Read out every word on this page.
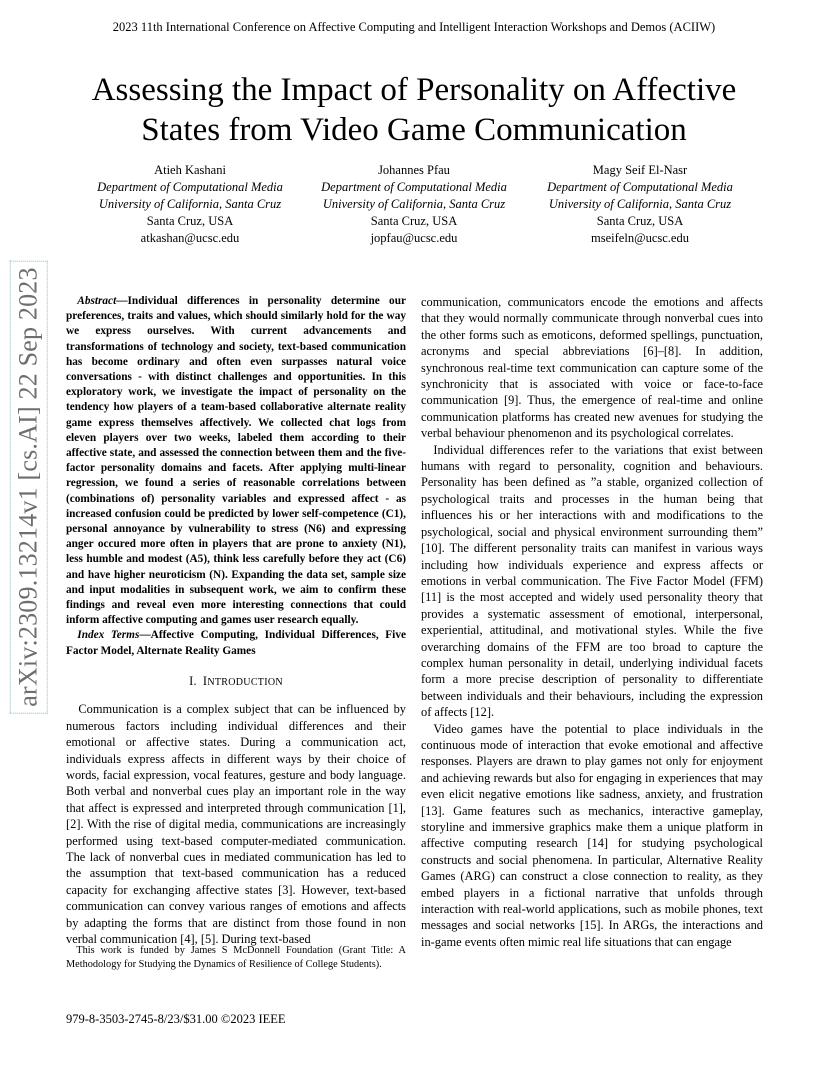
2023 11th International Conference on Affective Computing and Intelligent Interaction Workshops and Demos (ACIIW)
Assessing the Impact of Personality on Affective
States from Video Game Communication
Atieh Kashani
Department of Computational Media
University of California, Santa Cruz
Santa Cruz, USA
atkashan@ucsc.edu
Johannes Pfau
Department of Computational Media
University of California, Santa Cruz
Santa Cruz, USA
jopfau@ucsc.edu
Magy Seif El-Nasr
Department of Computational Media
University of California, Santa Cruz
Santa Cruz, USA
mseifeln@ucsc.edu
arXiv:2309.13214v1 [cs.AI] 22 Sep 2023	Abstract—Individual differences in personality determine our preferences, traits and values, which should similarly hold for the way we express ourselves. With current advancements and transformations of technology and society, text-based communication has become ordinary and often even surpasses natural voice conversations - with distinct challenges and opportunities. In this exploratory work, we investigate the impact of personality on the tendency how players of a team-based collaborative alternate reality game express themselves affectively. We collected chat logs from eleven players over two weeks, labeled them according to their affective state, and assessed the connection between them and the five-factor personality domains and facets. After applying multi-linear regression, we found a series of reasonable correlations between (combinations of) personality variables and expressed affect - as increased confusion could be predicted by lower self-competence (C1), personal annoyance by vulnerability to stress (N6) and expressing anger occured more often in players that are prone to anxiety (N1), less humble and modest (A5), think less carefully before they act (C6) and have higher neuroticism (N). Expanding the data set, sample size and input modalities in subsequent work, we aim to confirm these findings and reveal even more interesting connections that could inform affective computing and games user research equally.

Index Terms—Affective Computing, Individual Differences, Five Factor Model, Alternate Reality Games

I. INTRODUCTION

Communication is a complex subject that can be influenced by numerous factors including individual differences and their emotional or affective states. During a communication act, individuals express affects in different ways by their choice of words, facial expression, vocal features, gesture and body language. Both verbal and nonverbal cues play an important role in the way that affect is expressed and interpreted through communication [1], [2]. With the rise of digital media, communications are increasingly performed using text-based computer-mediated communication. The lack of nonverbal cues in mediated communication has led to the assumption that text-based communication has a reduced capacity for exchanging affective states [3]. However, text-based communication can convey various ranges of emotions and affects by adapting the forms that are distinct from those found in non verbal communication [4], [5]. During text-based

This work is funded by James S McDonnell Foundation (Grant Title: A Methodology for Studying the Dynamics of Resilience of College Students).

979-8-3503-2745-8/23/$31.00 ©2023 IEEE

communication, communicators encode the emotions and affects that they would normally communicate through nonverbal cues into the other forms such as emoticons, deformed spellings, punctuation, acronyms and special abbreviations [6]–[8]. In addition, synchronous real-time text communication can capture some of the synchronicity that is associated with voice or face-to-face communication [9]. Thus, the emergence of real-time and online communication platforms has created new avenues for studying the verbal behaviour phenomenon and its psychological correlates.

Individual differences refer to the variations that exist between humans with regard to personality, cognition and behaviours. Personality has been defined as ”a stable, organized collection of psychological traits and processes in the human being that influences his or her interactions with and modifications to the psychological, social and physical environment surrounding them” [10]. The different personality traits can manifest in various ways including how individuals experience and express affects or emotions in verbal communication. The Five Factor Model (FFM) [11] is the most accepted and widely used personality theory that provides a systematic assessment of emotional, interpersonal, experiential, attitudinal, and motivational styles. While the five overarching domains of the FFM are too broad to capture the complex human personality in detail, underlying individual facets form a more precise description of personality to differentiate between individuals and their behaviours, including the expression of affects [12].

Video games have the potential to place individuals in the continuous mode of interaction that evoke emotional and affective responses. Players are drawn to play games not only for enjoyment and achieving rewards but also for engaging in experiences that may even elicit negative emotions like sadness, anxiety, and frustration [13]. Game features such as mechanics, interactive gameplay, storyline and immersive graphics make them a unique platform in affective computing research [14] for studying psychological constructs and social phenomena. In particular, Alternative Reality Games (ARG) can construct a close connection to reality, as they embed players in a fictional narrative that unfolds through interaction with real-world applications, such as mobile phones, text messages and social networks [15]. In ARGs, the interactions and in-game events often mimic real life situations that can engage
